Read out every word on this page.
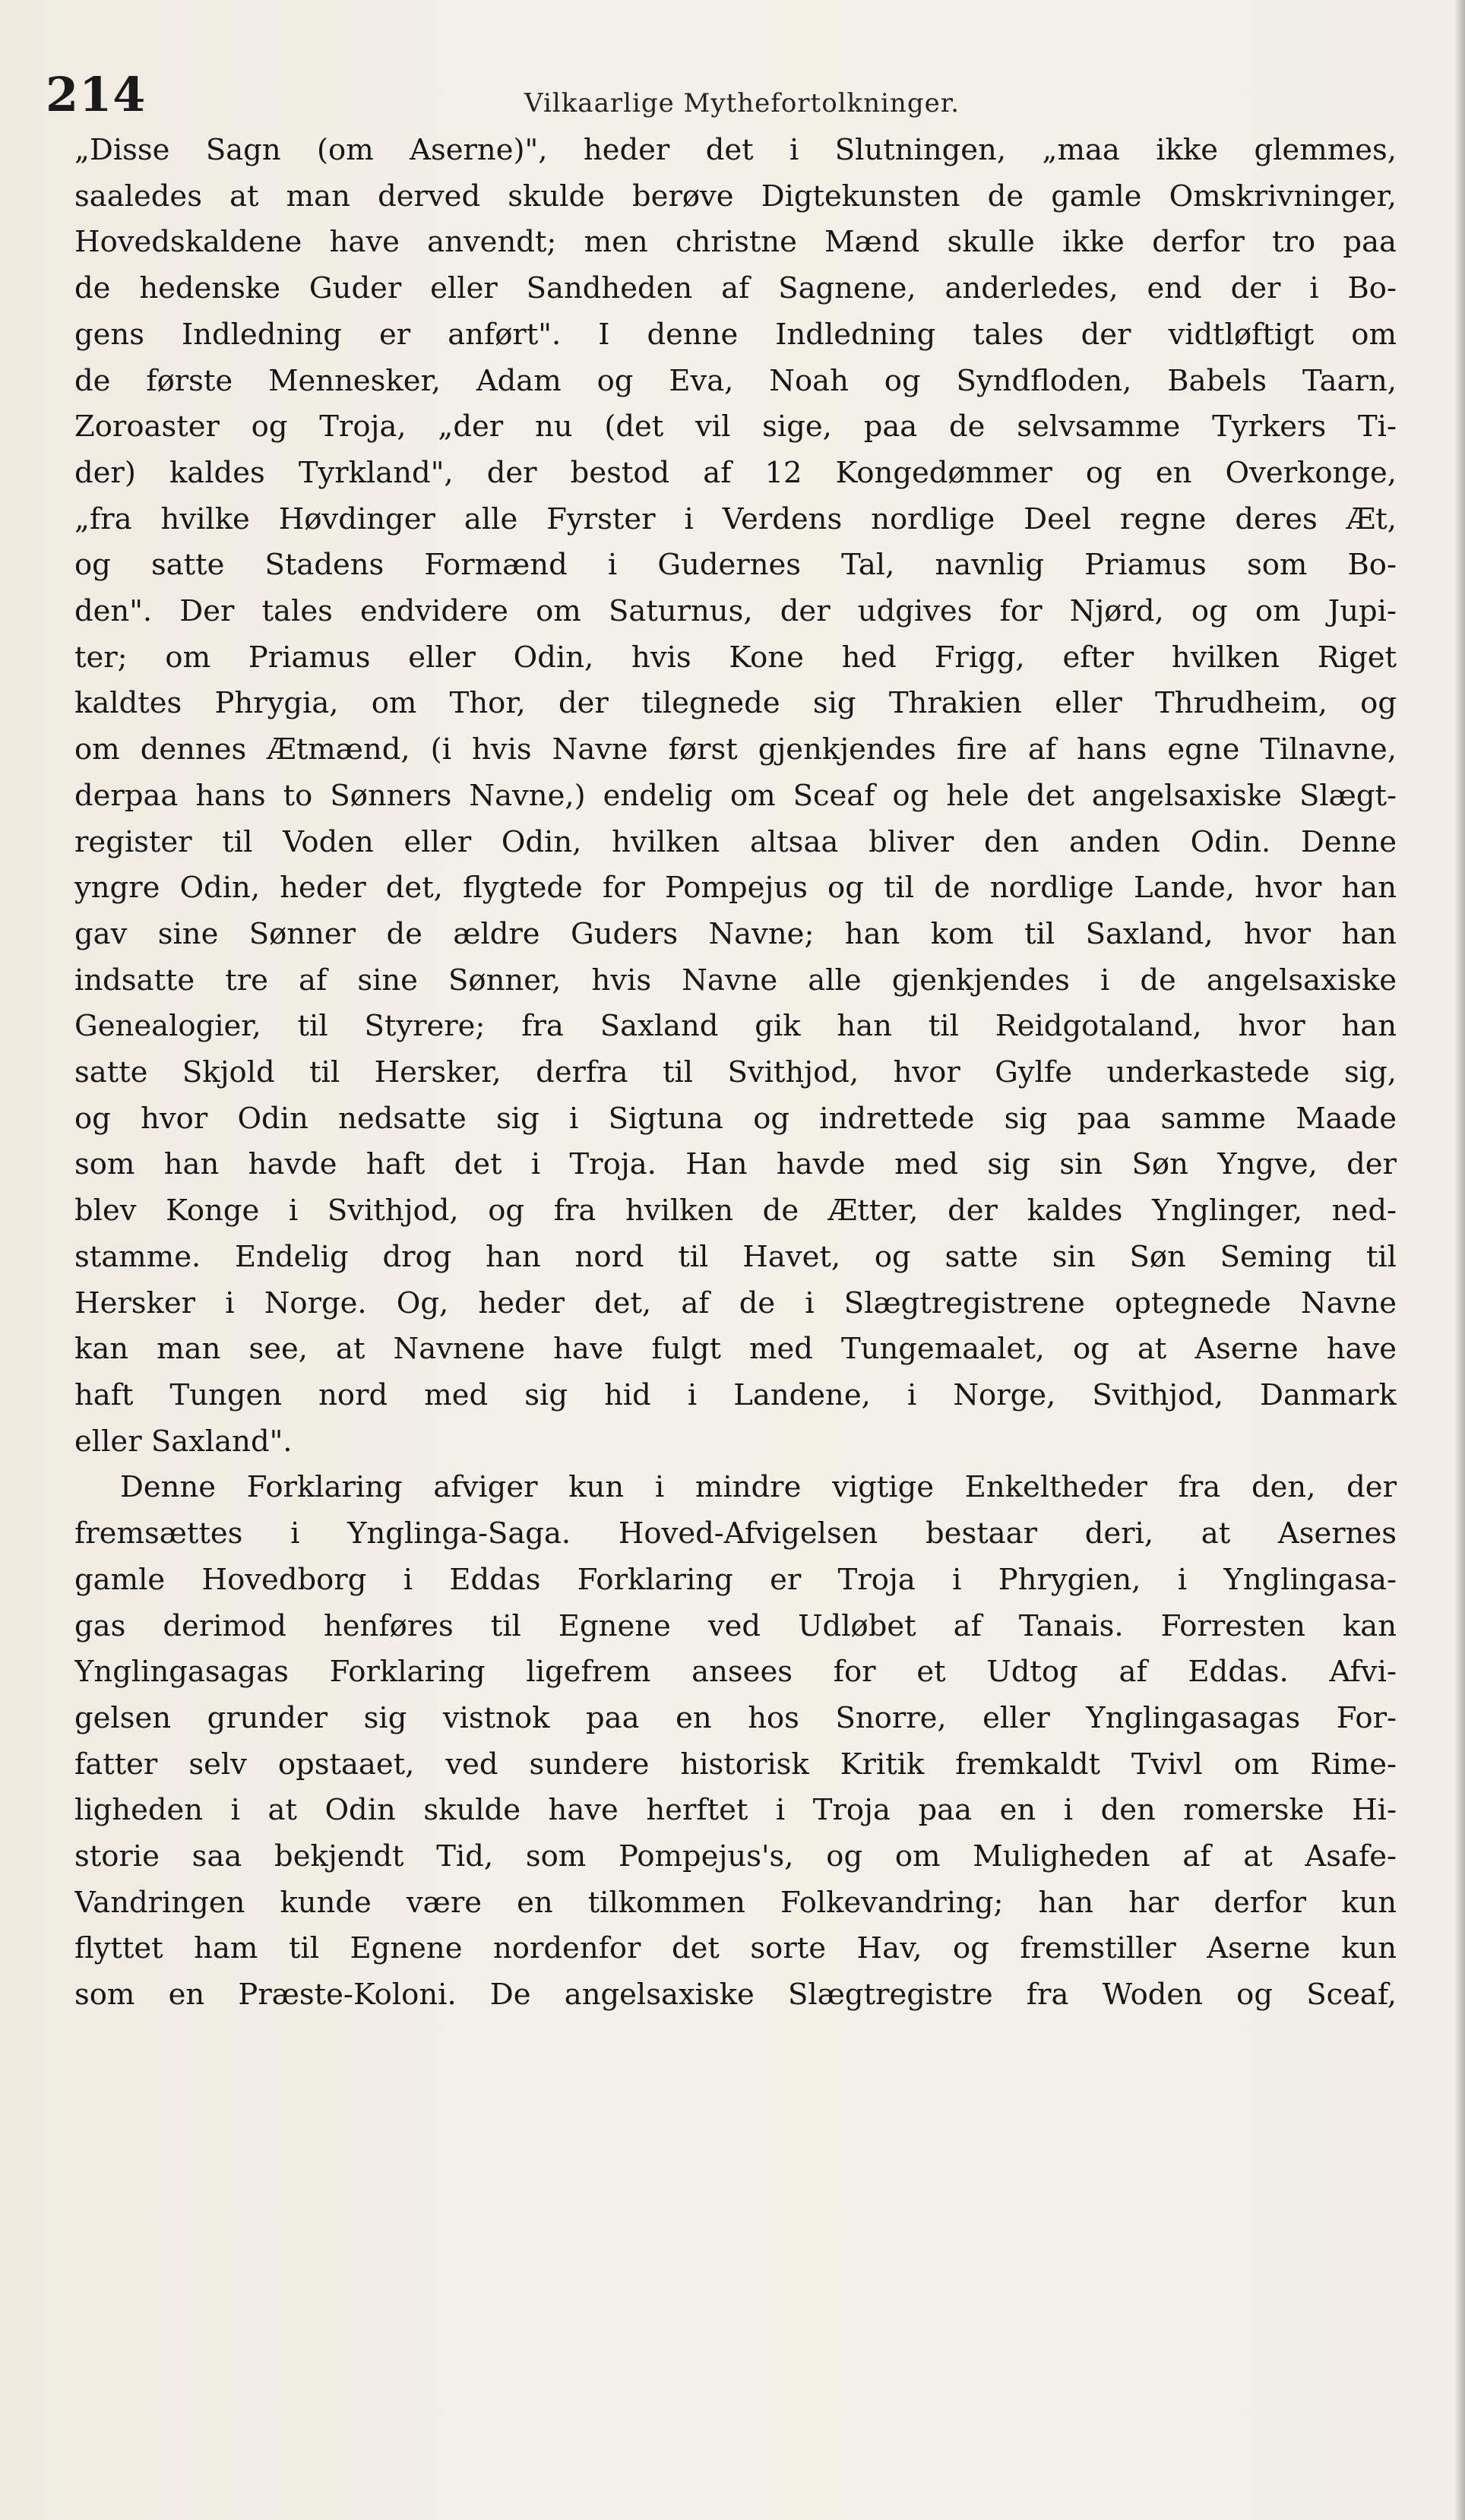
214	Vilkaarlige Mythefortolkninger.
„Disse Sagn (om Aserne)", heder det i Slutningen, „maa ikke glemmes,
saaledes at man derved skulde berøve Digtekunsten de gamle Omskrivninger,
Hovedskaldene have anvendt; men christne Mænd skulle ikke derfor tro paa
de hedenske Guder eller Sandheden af Sagnene, anderledes, end der i Bo-
gens Indledning er anført". I denne Indledning tales der vidtløftigt om
de første Mennesker, Adam og Eva, Noah og Syndfloden, Babels Taarn,
Zoroaster og Troja, „der nu (det vil sige, paa de selvsamme Tyrkers Ti-
der) kaldes Tyrkland", der bestod af 12 Kongedømmer og en Overkonge,
„fra hvilke Høvdinger alle Fyrster i Verdens nordlige Deel regne deres Æt,
og satte Stadens Formænd i Gudernes Tal, navnlig Priamus som Bo-
den". Der tales endvidere om Saturnus, der udgives for Njørd, og om Jupi-
ter; om Priamus eller Odin, hvis Kone hed Frigg, efter hvilken Riget
kaldtes Phrygia, om Thor, der tilegnede sig Thrakien eller Thrudheim, og
om dennes Ætmænd, (i hvis Navne først gjenkjendes fire af hans egne Tilnavne,
derpaa hans to Sønners Navne,) endelig om Sceaf og hele det angelsaxiske Slægt-
register til Voden eller Odin, hvilken altsaa bliver den anden Odin. Denne
yngre Odin, heder det, flygtede for Pompejus og til de nordlige Lande, hvor han
gav sine Sønner de ældre Guders Navne; han kom til Saxland, hvor han
indsatte tre af sine Sønner, hvis Navne alle gjenkjendes i de angelsaxiske
Genealogier, til Styrere; fra Saxland gik han til Reidgotaland, hvor han
satte Skjold til Hersker, derfra til Svithjod, hvor Gylfe underkastede sig,
og hvor Odin nedsatte sig i Sigtuna og indrettede sig paa samme Maade
som han havde haft det i Troja. Han havde med sig sin Søn Yngve, der
blev Konge i Svithjod, og fra hvilken de Ætter, der kaldes Ynglinger, ned-
stamme. Endelig drog han nord til Havet, og satte sin Søn Seming til
Hersker i Norge. Og, heder det, af de i Slægtregistrene optegnede Navne
kan man see, at Navnene have fulgt med Tungemaalet, og at Aserne have
haft Tungen nord med sig hid i Landene, i Norge, Svithjod, Danmark
eller Saxland".
Denne Forklaring afviger kun i mindre vigtige Enkeltheder fra den, der
fremsættes i Ynglinga-Saga. Hoved-Afvigelsen bestaar deri, at Asernes
gamle Hovedborg i Eddas Forklaring er Troja i Phrygien, i Ynglingasa-
gas derimod henføres til Egnene ved Udløbet af Tanais. Forresten kan
Ynglingasagas Forklaring ligefrem ansees for et Udtog af Eddas. Afvi-
gelsen grunder sig vistnok paa en hos Snorre, eller Ynglingasagas For-
fatter selv opstaaet, ved sundere historisk Kritik fremkaldt Tvivl om Rime-
ligheden i at Odin skulde have herftet i Troja paa en i den romerske Hi-
storie saa bekjendt Tid, som Pompejus's, og om Muligheden af at Asafe-
Vandringen kunde være en tilkommen Folkevandring; han har derfor kun
flyttet ham til Egnene nordenfor det sorte Hav, og fremstiller Aserne kun
som en Præste-Koloni. De angelsaxiske Slægtregistre fra Woden og Sceaf,
